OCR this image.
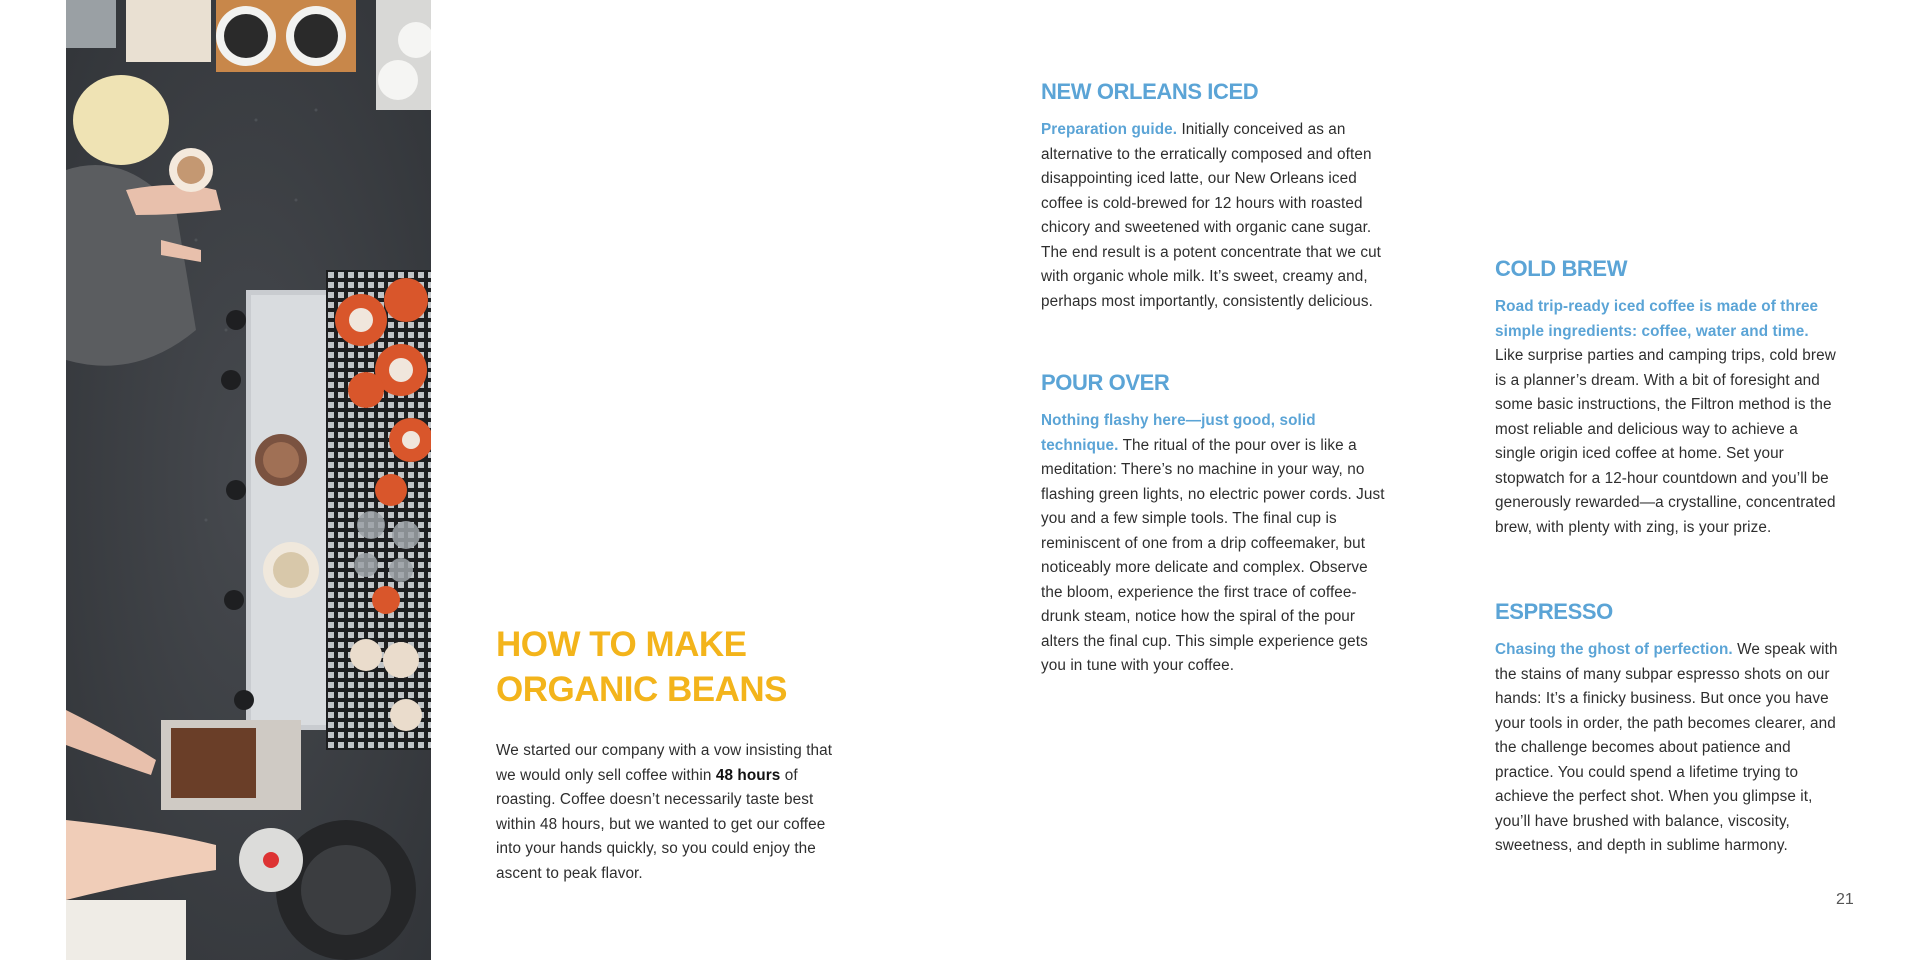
HOW TO MAKE
ORGANIC BEANS

We started our company with a vow insisting that we would only sell coffee within 48 hours of roasting. Coffee doesn’t necessarily taste best within 48 hours, but we wanted to get our coffee into your hands quickly, so you could enjoy the ascent to peak flavor.

NEW ORLEANS ICED

Preparation guide. Initially conceived as an alternative to the erratically composed and often disappointing iced latte, our New Orleans iced coffee is cold-brewed for 12 hours with roasted chicory and sweetened with organic cane sugar. The end result is a potent concentrate that we cut with organic whole milk. It’s sweet, creamy and, perhaps most importantly, consistently delicious.

POUR OVER

Nothing flashy here—just good, solid technique. The ritual of the pour over is like a meditation: There’s no machine in your way, no flashing green lights, no electric power cords. Just you and a few simple tools. The final cup is reminiscent of one from a drip coffeemaker, but noticeably more delicate and complex. Observe the bloom, experience the first trace of coffee-drunk steam, notice how the spiral of the pour alters the final cup. This simple experience gets you in tune with your coffee.

COLD BREW

Road trip-ready iced coffee is made of three simple ingredients: coffee, water and time. Like surprise parties and camping trips, cold brew is a planner’s dream. With a bit of foresight and some basic instructions, the Filtron method is the most reliable and delicious way to achieve a single origin iced coffee at home. Set your stopwatch for a 12-hour countdown and you’ll be generously rewarded—a crystalline, concentrated brew, with plenty with zing, is your prize.

ESPRESSO

Chasing the ghost of perfection. We speak with the stains of many subpar espresso shots on our hands: It’s a finicky business. But once you have your tools in order, the path becomes clearer, and the challenge becomes about patience and practice. You could spend a lifetime trying to achieve the perfect shot. When you glimpse it, you’ll have brushed with balance, viscosity, sweetness, and depth in sublime harmony.

21
